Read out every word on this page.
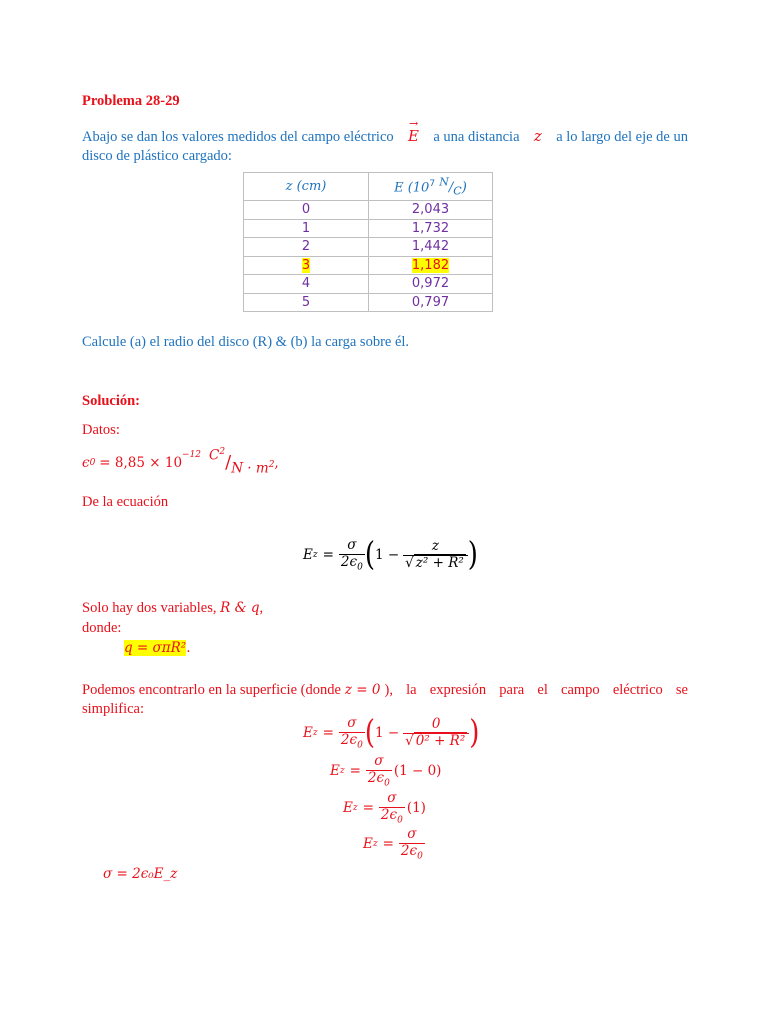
Problema 28-29
Abajo se dan los valores medidos del campo eléctrico
→
E a una distancia z a lo largo del eje de un
disco de plástico cargado:
z (cm)	E ($10^7$ $^N/_C$)
0	2,043
1	1,732
2	1,442
3	1,182
4	0,972
5	0,797
Calcule (a) el radio del disco (R) & (b) la carga sobre él.
Solución:
Datos:
ϵ $0 = 8,85 \times 10^{-12}$ $C^2 / N \cdot m^2$ ,
De la ecuación
E $z = \frac{\sigma}{2\epsilon_0}$ ( $1 - \frac{z}{\text{√ z² + R²}}$ )
Solo hay dos variables, R & q,
donde:
q = σπR².
Podemos encontrarlo en la superficie (donde z = 0 ), la expresión para el campo eléctrico se
simplifica:
E $z = \frac{\sigma}{2\epsilon_0}$ ( $1 - \frac{0}{\text{√ 0² + R²}}$ )
E $z = \frac{\sigma}{2\epsilon_0} (1 - 0)$
E $z = \frac{\sigma}{2\epsilon_0} (1)$
E $z = \frac{\sigma}{2\epsilon_0}$
σ = 2ϵ₀E_z
